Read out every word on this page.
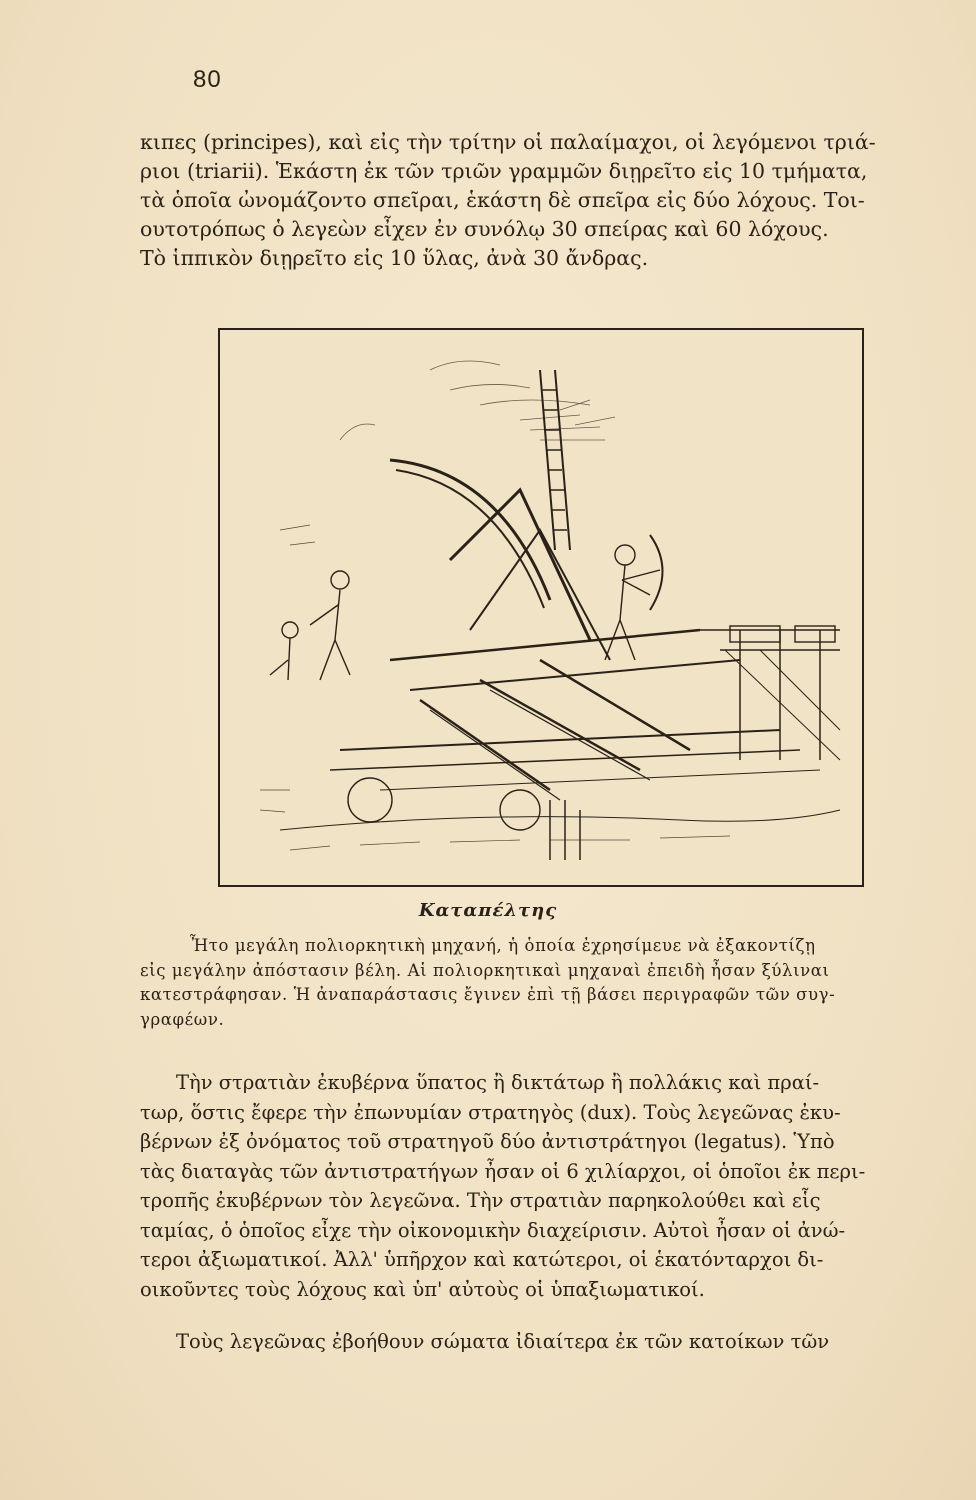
80
κιπες (principes), καὶ εἰς τὴν τρίτην οἱ παλαίμαχοι, οἱ λεγόμενοι τριά-
ριοι (triarii). Ἑκάστη ἐκ τῶν τριῶν γραμμῶν διῃρεῖτο εἰς 10 τμήματα,
τὰ ὁποῖα ὠνομάζοντο σπεῖραι, ἑκάστη δὲ σπεῖρα εἰς δύο λόχους. Τοι-
ουτοτρόπως ὁ λεγεὼν εἶχεν ἐν συνόλῳ 30 σπείρας καὶ 60 λόχους.
Τὸ ἱππικὸν διῃρεῖτο εἰς 10 ὕλας, ἀνὰ 30 ἄνδρας.
Καταπέλτης
Ἦτο μεγάλη πολιορκητικὴ μηχανή, ἡ ὁποία ἐχρησίμευε νὰ ἐξακοντίζῃ
εἰς μεγάλην ἀπόστασιν βέλη. Αἱ πολιορκητικαὶ μηχαναὶ ἐπειδὴ ἦσαν ξύλιναι
κατεστράφησαν. Ἡ ἀναπαράστασις ἔγινεν ἐπὶ τῇ βάσει περιγραφῶν τῶν συγ-
γραφέων.
Τὴν στρατιὰν ἐκυβέρνα ὕπατος ἢ δικτάτωρ ἢ πολλάκις καὶ πραί-
τωρ, ὅστις ἔφερε τὴν ἐπωνυμίαν στρατηγὸς (dux). Τοὺς λεγεῶνας ἐκυ-
βέρνων ἐξ ὀνόματος τοῦ στρατηγοῦ δύο ἀντιστράτηγοι (legatus). Ὑπὸ
τὰς διαταγὰς τῶν ἀντιστρατήγων ἦσαν οἱ 6 χιλίαρχοι, οἱ ὁποῖοι ἐκ περι-
τροπῆς ἐκυβέρνων τὸν λεγεῶνα. Τὴν στρατιὰν παρηκολούθει καὶ εἷς
ταμίας, ὁ ὁποῖος εἶχε τὴν οἰκονομικὴν διαχείρισιν. Αὐτοὶ ἦσαν οἱ ἀνώ-
τεροι ἀξιωματικοί. Ἀλλ' ὑπῆρχον καὶ κατώτεροι, οἱ ἑκατόνταρχοι δι-
οικοῦντες τοὺς λόχους καὶ ὑπ' αὐτοὺς οἱ ὑπαξιωματικοί.
Τοὺς λεγεῶνας ἐβοήθουν σώματα ἰδιαίτερα ἐκ τῶν κατοίκων τῶν
